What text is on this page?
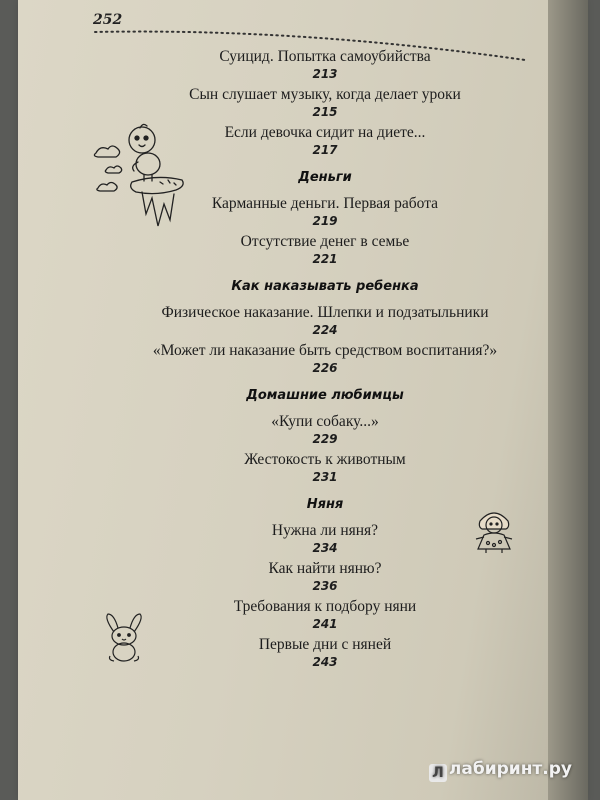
252
Суицид. Попытка самоубийства
213
Сын слушает музыку, когда делает уроки
215
Если девочка сидит на диете...
217
Деньги
Карманные деньги. Первая работа
219
Отсутствие денег в семье
221
Как наказывать ребенка
Физическое наказание. Шлепки и подзатыльники
224
«Может ли наказание быть средством воспитания?»
226
Домашние любимцы
«Купи собаку...»
229
Жестокость к животным
231
Няня
Нужна ли няня?
234
Как найти няню?
236
Требования к подбору няни
241
Первые дни с няней
243
Л лабиринт.ру
